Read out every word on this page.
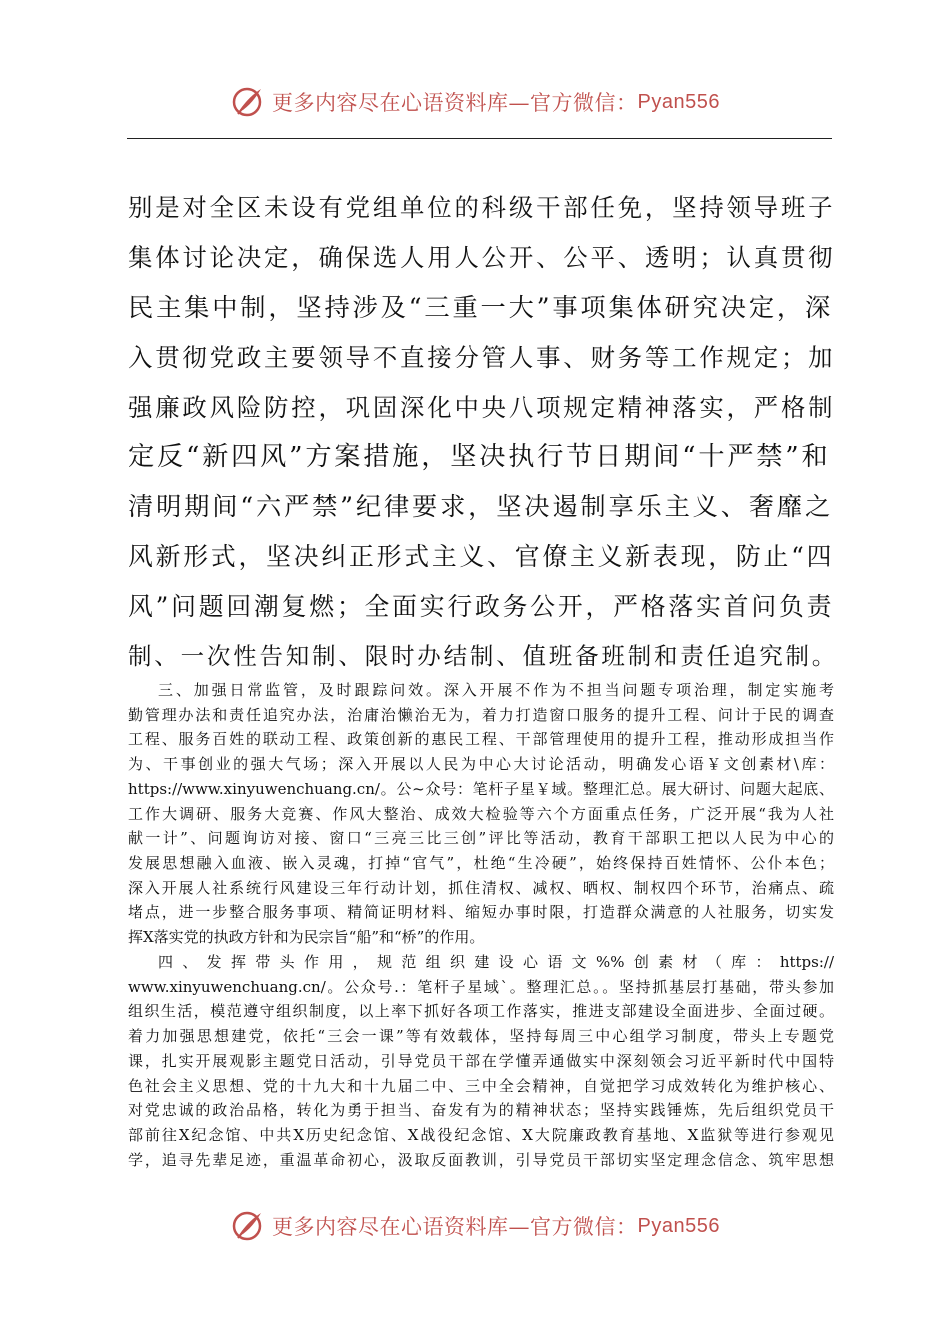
更多内容尽在心语资料库—官方微信： Pyan556
别是对全区未设有党组单位的科级干部任免，坚持领导班子
集体讨论决定，确保选人用人公开、公平、透明；认真贯彻
民主集中制，坚持涉及“三重一大”事项集体研究决定，深
入贯彻党政主要领导不直接分管人事、财务等工作规定；加
强廉政风险防控，巩固深化中央八项规定精神落实，严格制
定反“新四风”方案措施，坚决执行节日期间“十严禁”和
清明期间“六严禁”纪律要求，坚决遏制享乐主义、奢靡之
风新形式，坚决纠正形式主义、官僚主义新表现，防止“四
风”问题回潮复燃；全面实行政务公开，严格落实首问负责
制、一次性告知制、限时办结制、值班备班制和责任追究制。
三、加强日常监管，及时跟踪问效。深入开展不作为不担当问题专项治理，制定实施考
勤管理办法和责任追究办法，治庸治懒治无为，着力打造窗口服务的提升工程、问计于民的调查
工程、服务百姓的联动工程、政策创新的惠民工程、干部管理使用的提升工程，推动形成担当作
为、干事创业的强大气场；深入开展以人民为中心大讨论活动，明确发心语￥文创素材\库：
https://www.xinyuwenchuang.cn/。公~众号：笔杆子星￥域。整理汇总。展大研讨、问题大起底、
工作大调研、服务大竞赛、作风大整治、成效大检验等六个方面重点任务，广泛开展“我为人社
献一计”、问题询访对接、窗口“三亮三比三创”评比等活动，教育干部职工把以人民为中心的
发展思想融入血液、嵌入灵魂，打掉“官气”，杜绝“生冷硬”，始终保持百姓情怀、公仆本色；
深入开展人社系统行风建设三年行动计划，抓住清权、减权、晒权、制权四个环节，治痛点、疏
堵点，进一步整合服务事项、精简证明材料、缩短办事时限，打造群众满意的人社服务，切实发
挥X落实党的执政方针和为民宗旨“船”和“桥”的作用。
四、发挥带头作用，规范组织建设心语文%%创素材（库：https://
www.xinyuwenchuang.cn/。公众号.：笔杆子星域`。整理汇总。。坚持抓基层打基础，带头参加
组织生活，模范遵守组织制度，以上率下抓好各项工作落实，推进支部建设全面进步、全面过硬。
着力加强思想建党，依托“三会一课”等有效载体，坚持每周三中心组学习制度，带头上专题党
课，扎实开展观影主题党日活动，引导党员干部在学懂弄通做实中深刻领会习近平新时代中国特
色社会主义思想、党的十九大和十九届二中、三中全会精神，自觉把学习成效转化为维护核心、
对党忠诚的政治品格，转化为勇于担当、奋发有为的精神状态；坚持实践锤炼，先后组织党员干
部前往X纪念馆、中共X历史纪念馆、X战役纪念馆、X大院廉政教育基地、X监狱等进行参观见
学，追寻先辈足迹，重温革命初心，汲取反面教训，引导党员干部切实坚定理念信念、筑牢思想
更多内容尽在心语资料库—官方微信： Pyan556
